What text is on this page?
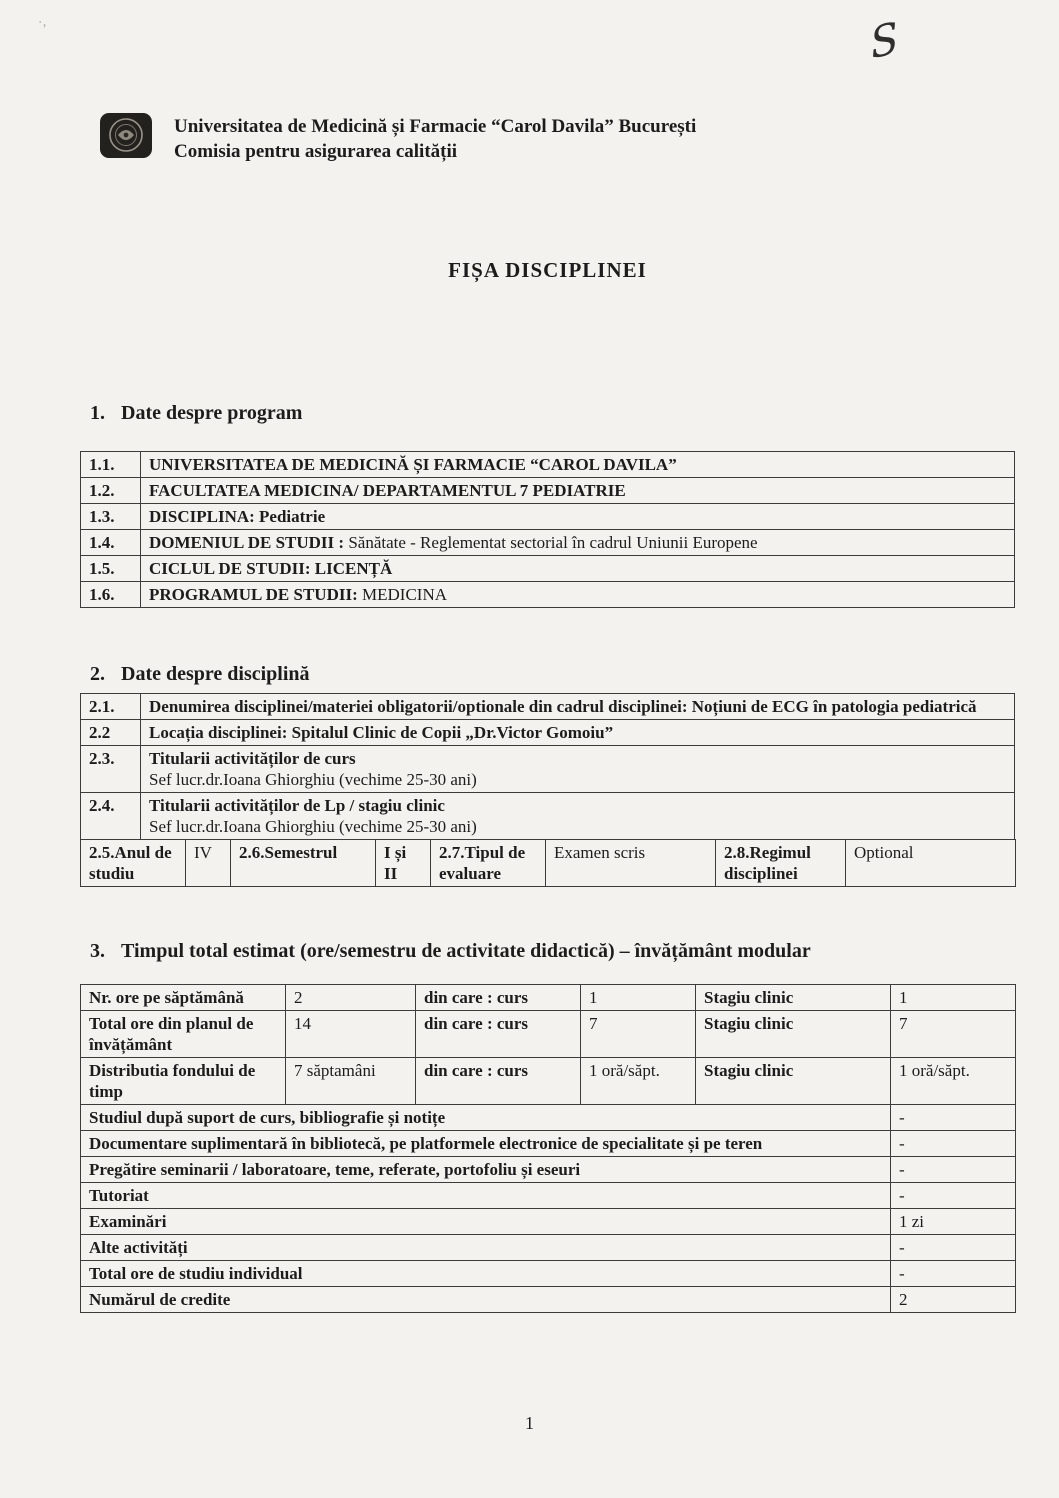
·,	S
Universitatea de Medicină și Farmacie “Carol Davila” București
Comisia pentru asigurarea calității
FIȘA DISCIPLINEI
1. Date despre program
1.1.	UNIVERSITATEA DE MEDICINĂ ȘI FARMACIE “CAROL DAVILA”
1.2.	FACULTATEA MEDICINA/ DEPARTAMENTUL 7 PEDIATRIE
1.3.	DISCIPLINA: Pediatrie
1.4.	DOMENIUL DE STUDII : Sănătate - Reglementat sectorial în cadrul Uniunii Europene
1.5.	CICLUL DE STUDII: LICENȚĂ
1.6.	PROGRAMUL DE STUDII: MEDICINA
2. Date despre disciplină
2.1.	Denumirea disciplinei/materiei obligatorii/optionale din cadrul disciplinei: Noțiuni de ECG în patologia pediatrică
2.2	Locația disciplinei: Spitalul Clinic de Copii „Dr.Victor Gomoiu”
2.3.	Titularii activităților de curs
Sef lucr.dr.Ioana Ghiorghiu (vechime 25-30 ani)

2.4.	Titularii activităților de Lp / stagiu clinic
Sef lucr.dr.Ioana Ghiorghiu (vechime 25-30 ani)
2.5.Anul de studiu	IV	2.6.Semestrul	I și II	2.7.Tipul de evaluare	Examen scris	2.8.Regimul disciplinei	Optional
3. Timpul total estimat (ore/semestru de activitate didactică) – învățământ modular
Nr. ore pe săptămână	2	din care : curs	1	Stagiu clinic	1
Total ore din planul de învățământ	14	din care : curs	7	Stagiu clinic	7
Distributia fondului de timp	7 săptamâni	din care : curs	1 oră/săpt.	Stagiu clinic	1 oră/săpt.
Studiul după suport de curs, bibliografie și notițe					-
Documentare suplimentară în bibliotecă, pe platformele electronice de specialitate și pe teren					-
Pregătire seminarii / laboratoare, teme, referate, portofoliu și eseuri					-
Tutoriat					-
Examinări					1 zi
Alte activități					-
Total ore de studiu individual					-
Numărul de credite					2
1
